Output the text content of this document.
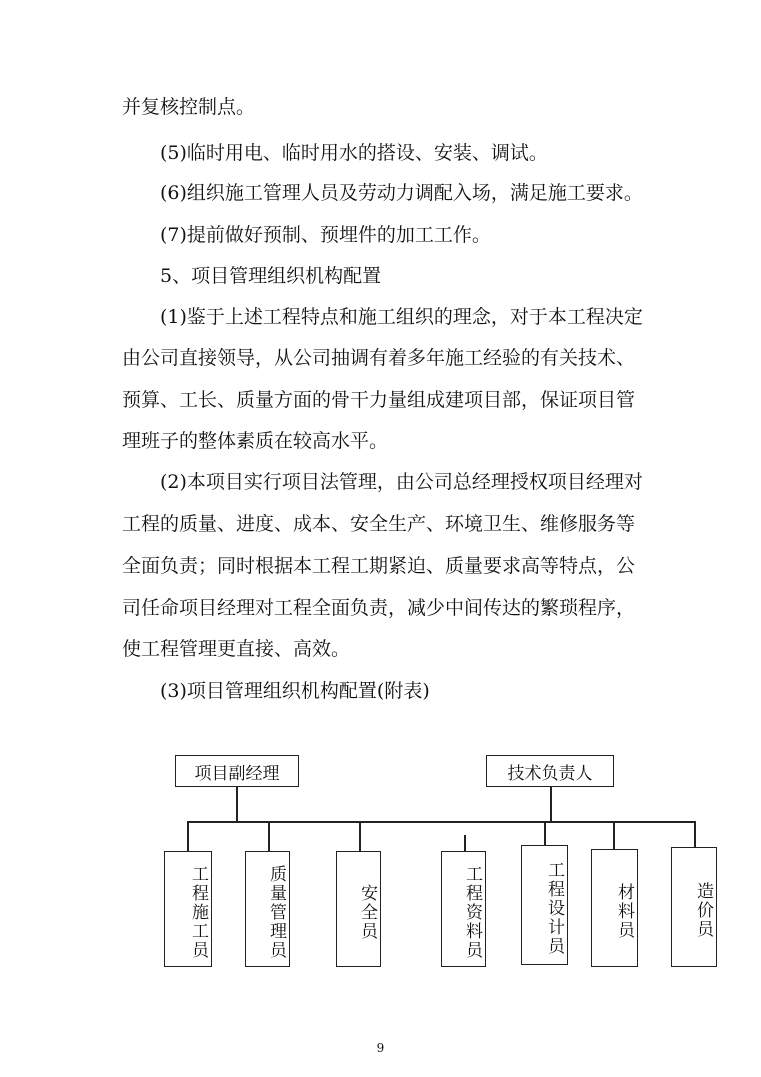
并复核控制点。
(5)临时用电、临时用水的搭设、安装、调试。
(6)组织施工管理人员及劳动力调配入场，满足施工要求。
(7)提前做好预制、预埋件的加工工作。
5、项目管理组织机构配置
(1)鉴于上述工程特点和施工组织的理念，对于本工程决定
由公司直接领导，从公司抽调有着多年施工经验的有关技术、
预算、工长、质量方面的骨干力量组成建项目部，保证项目管
理班子的整体素质在较高水平。
(2)本项目实行项目法管理，由公司总经理授权项目经理对
工程的质量、进度、成本、安全生产、环境卫生、维修服务等
全面负责；同时根据本工程工期紧迫、质量要求高等特点，公
司任命项目经理对工程全面负责，减少中间传达的繁琐程序，
使工程管理更直接、高效。
(3)项目管理组织机构配置(附表)
项目副经理	技术负责人
工程施工员	质量管理员	安全员	工程资料员	工程设计员	材料员	造价员
9
